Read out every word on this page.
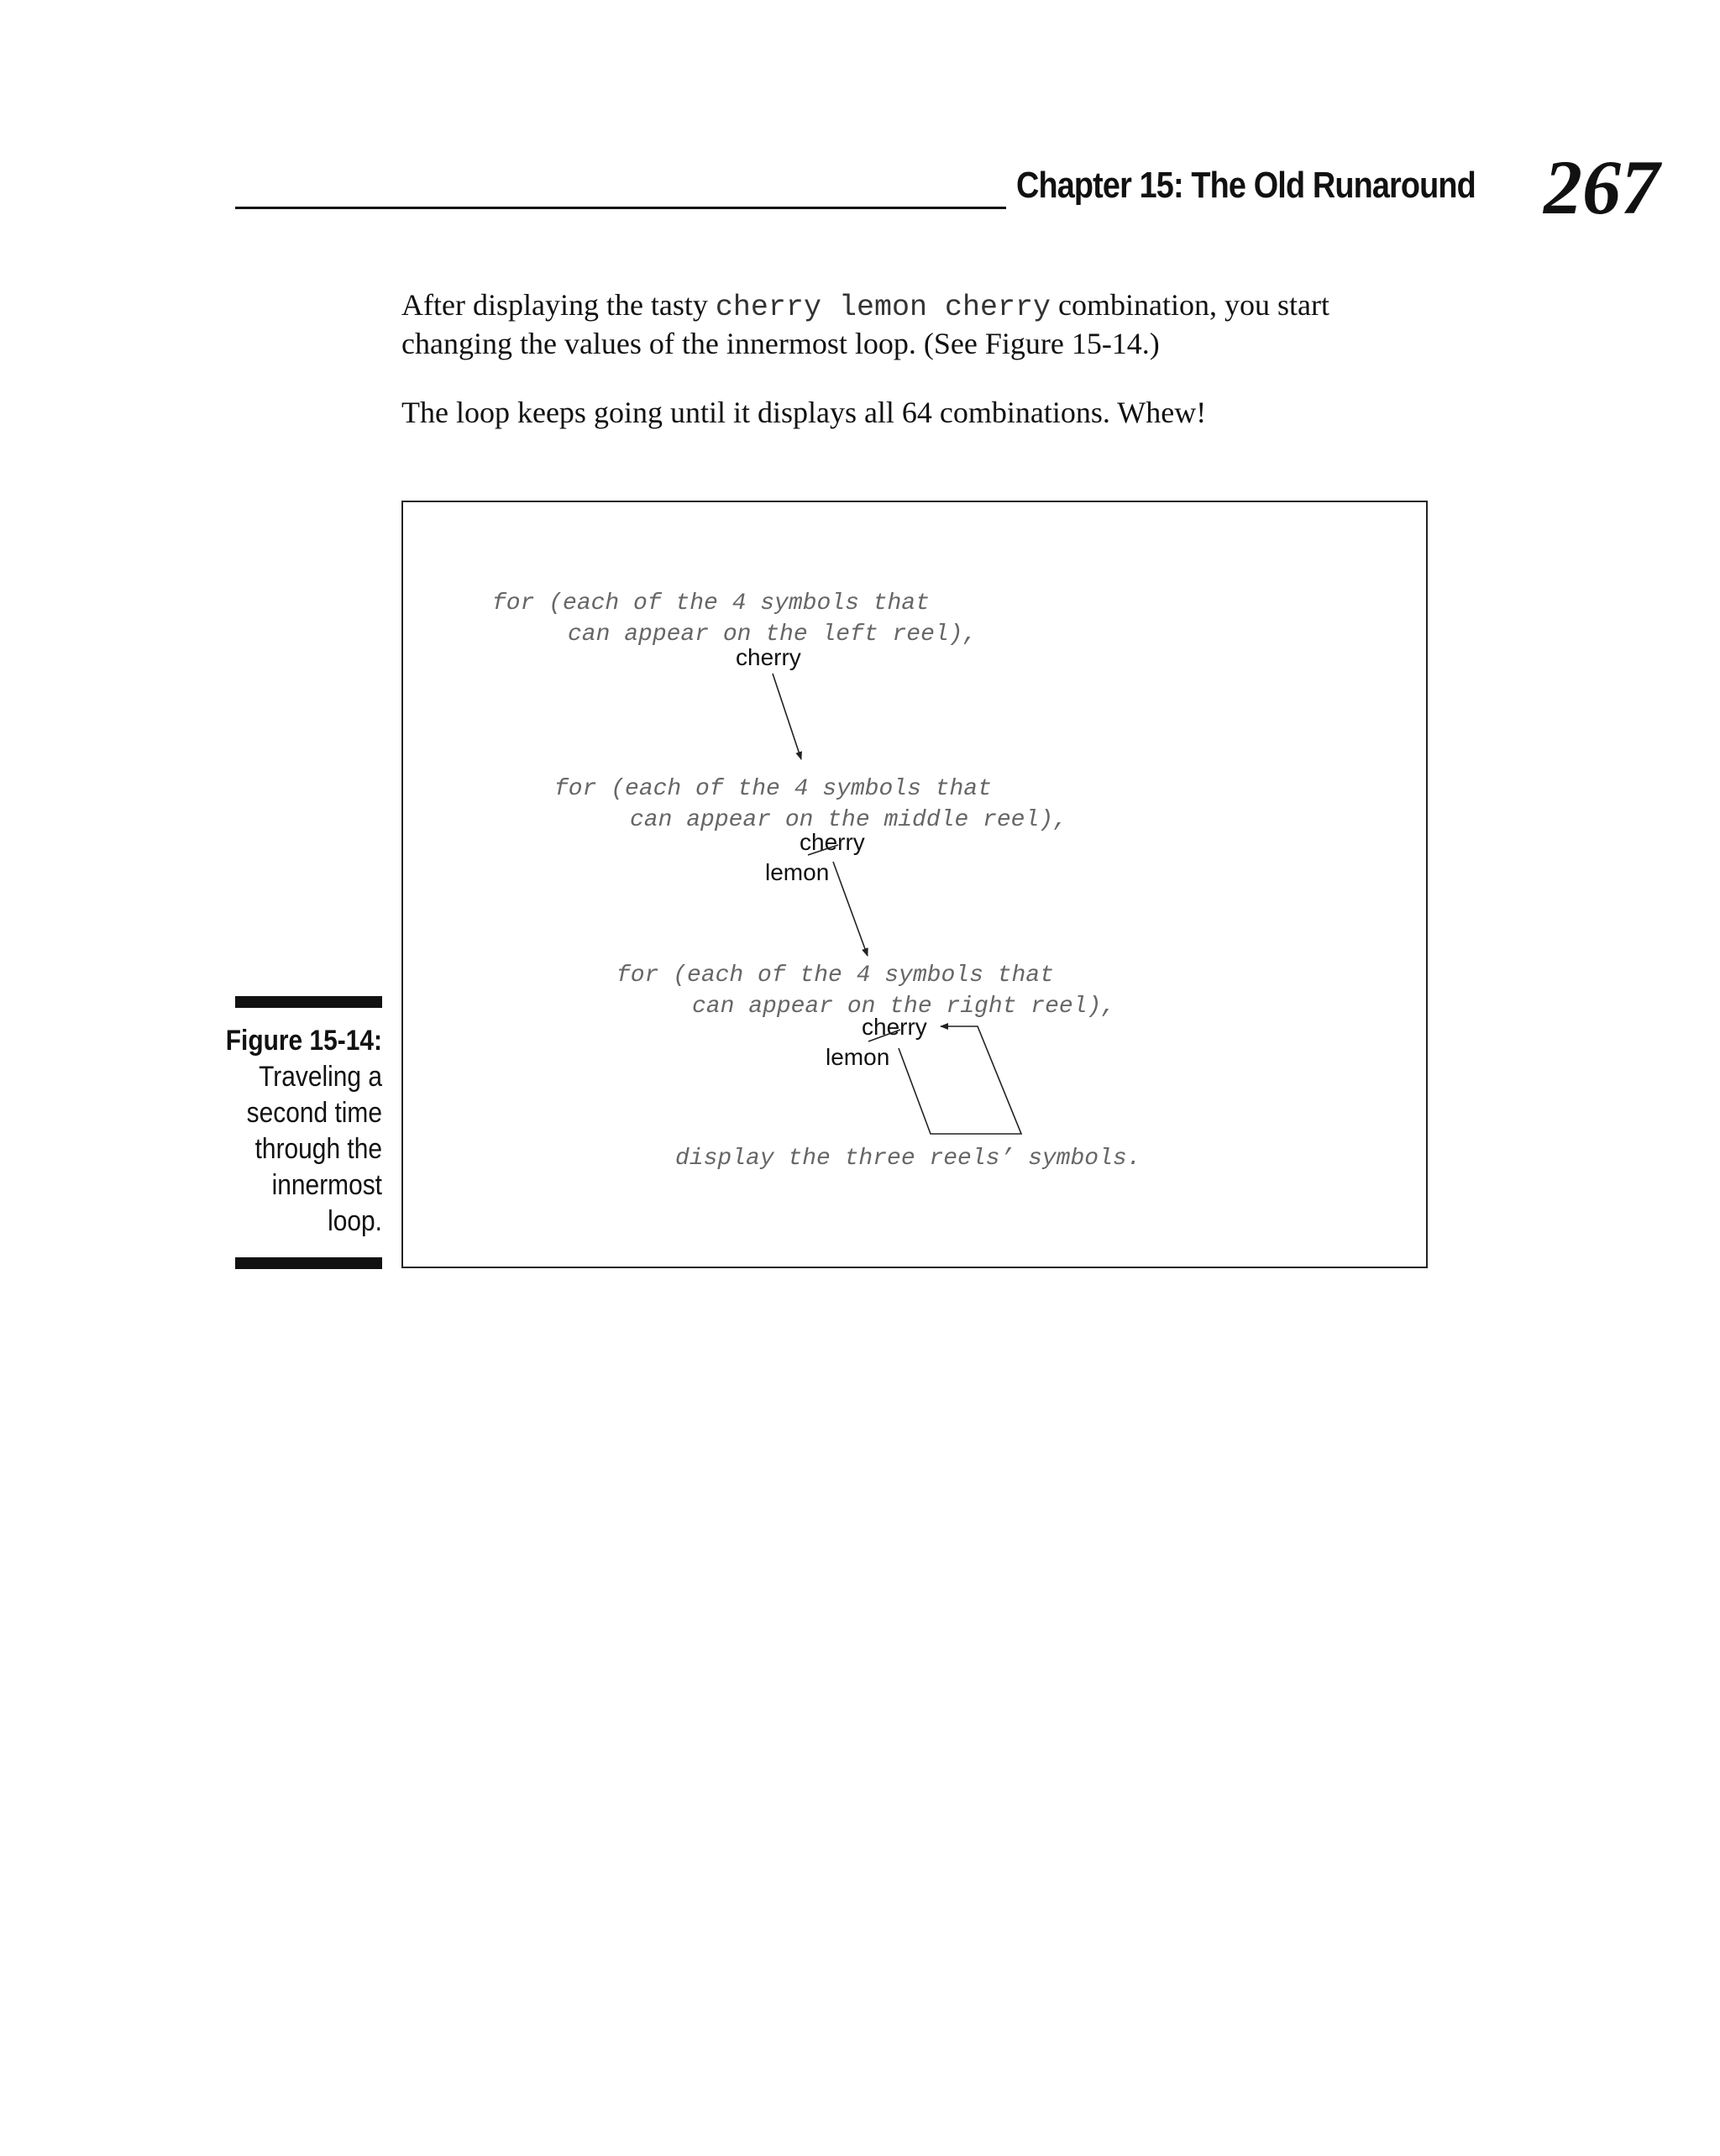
Chapter 15: The Old Runaround 267
After displaying the tasty cherry lemon cherry combination, you start
changing the values of the innermost loop. (See Figure 15-14.)
The loop keeps going until it displays all 64 combinations. Whew!
Figure 15-14:
Traveling a
second time
through the
innermost
loop.
for (each of the 4 symbols that
can appear on the left reel),
cherry
for (each of the 4 symbols that
can appear on the middle reel),
cherry
lemon
for (each of the 4 symbols that
can appear on the right reel),
cherry
lemon
display the three reels’ symbols.
